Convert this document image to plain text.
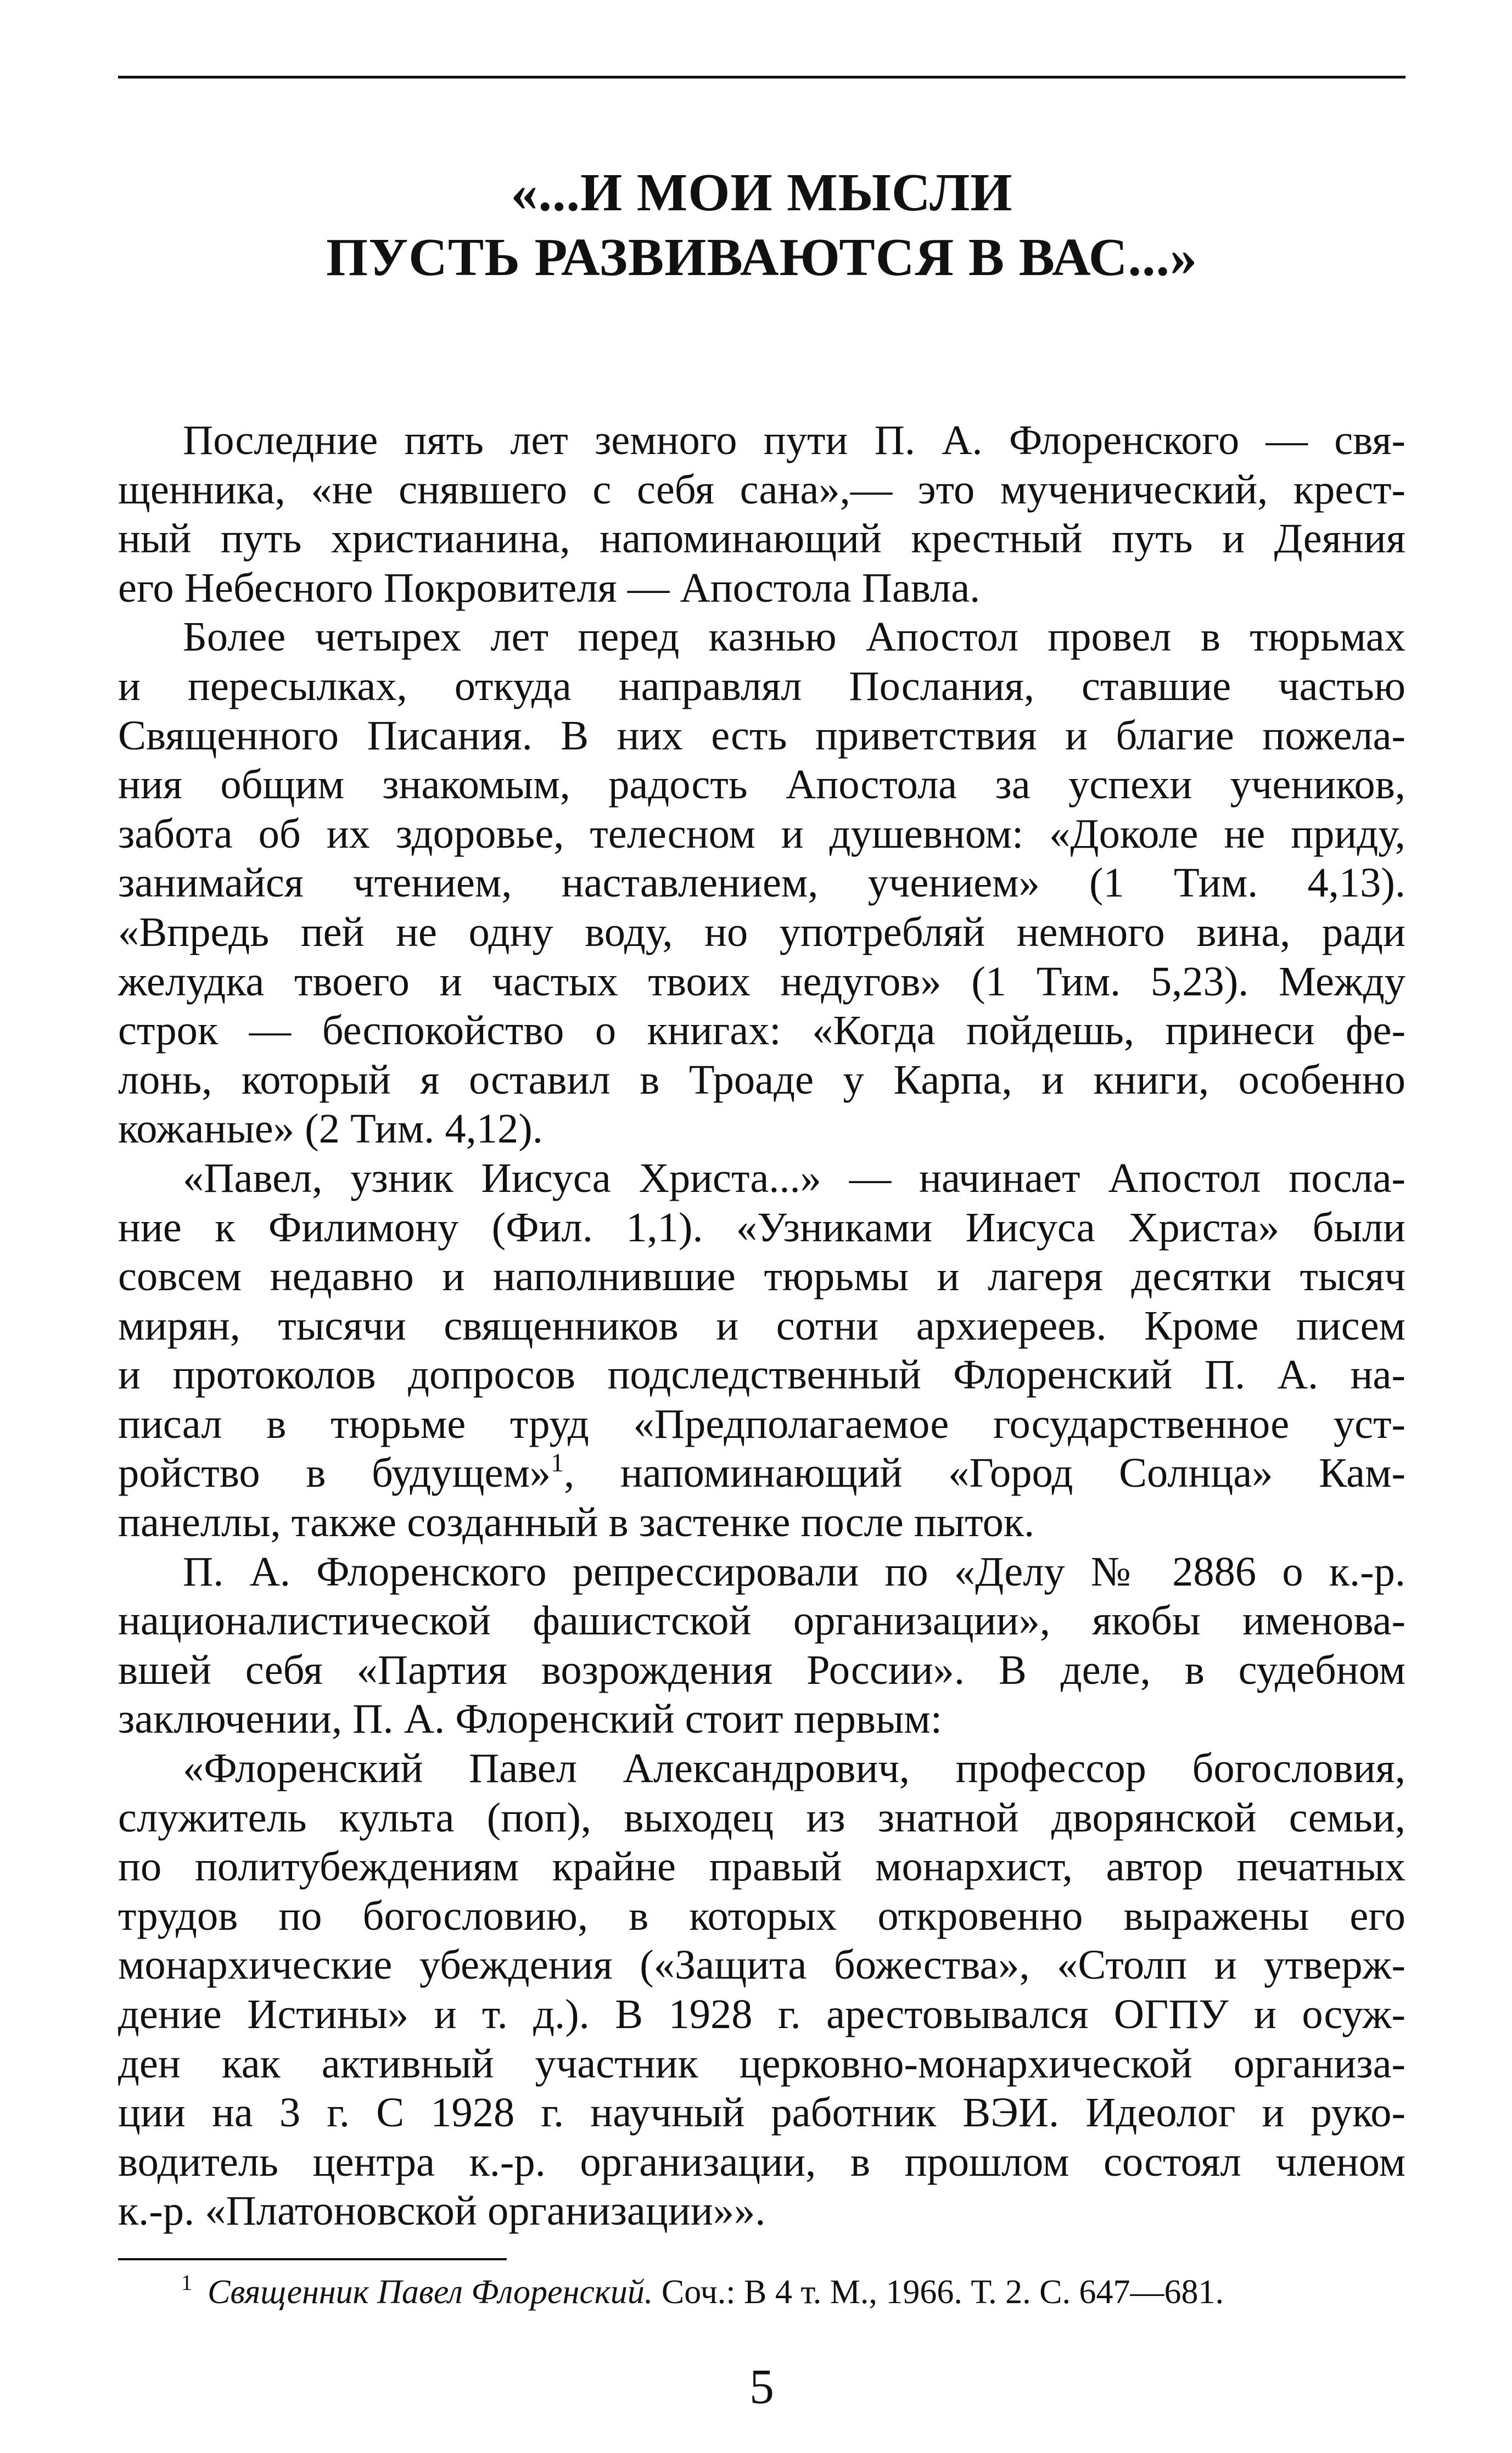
«...И МОИ МЫСЛИ
ПУСТЬ РАЗВИВАЮТСЯ В ВАС...»
Последние пять лет земного пути П. А. Флоренского — свя-
щенника, «не снявшего с себя сана»,— это мученический, крест-
ный путь христианина, напоминающий крестный путь и Деяния
его Небесного Покровителя — Апостола Павла.
Более четырех лет перед казнью Апостол провел в тюрьмах
и пересылках, откуда направлял Послания, ставшие частью
Священного Писания. В них есть приветствия и благие пожела-
ния общим знакомым, радость Апостола за успехи учеников,
забота об их здоровье, телесном и душевном: «Доколе не приду,
занимайся чтением, наставлением, учением» (1 Тим. 4,13).
«Впредь пей не одну воду, но употребляй немного вина, ради
желудка твоего и частых твоих недугов» (1 Тим. 5,23). Между
строк — беспокойство о книгах: «Когда пойдешь, принеси фе-
лонь, который я оставил в Троаде у Карпа, и книги, особенно
кожаные» (2 Тим. 4,12).
«Павел, узник Иисуса Христа...» — начинает Апостол посла-
ние к Филимону (Фил. 1,1). «Узниками Иисуса Христа» были
совсем недавно и наполнившие тюрьмы и лагеря десятки тысяч
мирян, тысячи священников и сотни архиереев. Кроме писем
и протоколов допросов подследственный Флоренский П. А. на-
писал в тюрьме труд «Предполагаемое государственное уст-
ройство в будущем»$^1$, напоминающий «Город Солнца» Кам-
панеллы, также созданный в застенке после пыток.
П. А. Флоренского репрессировали по «Делу № 2886 о к.-р.
националистической фашистской организации», якобы именова-
вшей себя «Партия возрождения России». В деле, в судебном
заключении, П. А. Флоренский стоит первым:
«Флоренский Павел Александрович, профессор богословия,
служитель культа (поп), выходец из знатной дворянской семьи,
по политубеждениям крайне правый монархист, автор печатных
трудов по богословию, в которых откровенно выражены его
монархические убеждения («Защита божества», «Столп и утверж-
дение Истины» и т. д.). В 1928 г. арестовывался ОГПУ и осуж-
ден как активный участник церковно-монархической организа-
ции на 3 г. С 1928 г. научный работник ВЭИ. Идеолог и руко-
водитель центра к.-р. организации, в прошлом состоял членом
к.-р. «Платоновской организации»».
$^1$ Священник Павел Флоренский. Соч.: В 4 т. М., 1966. Т. 2. С. 647—681.
5
